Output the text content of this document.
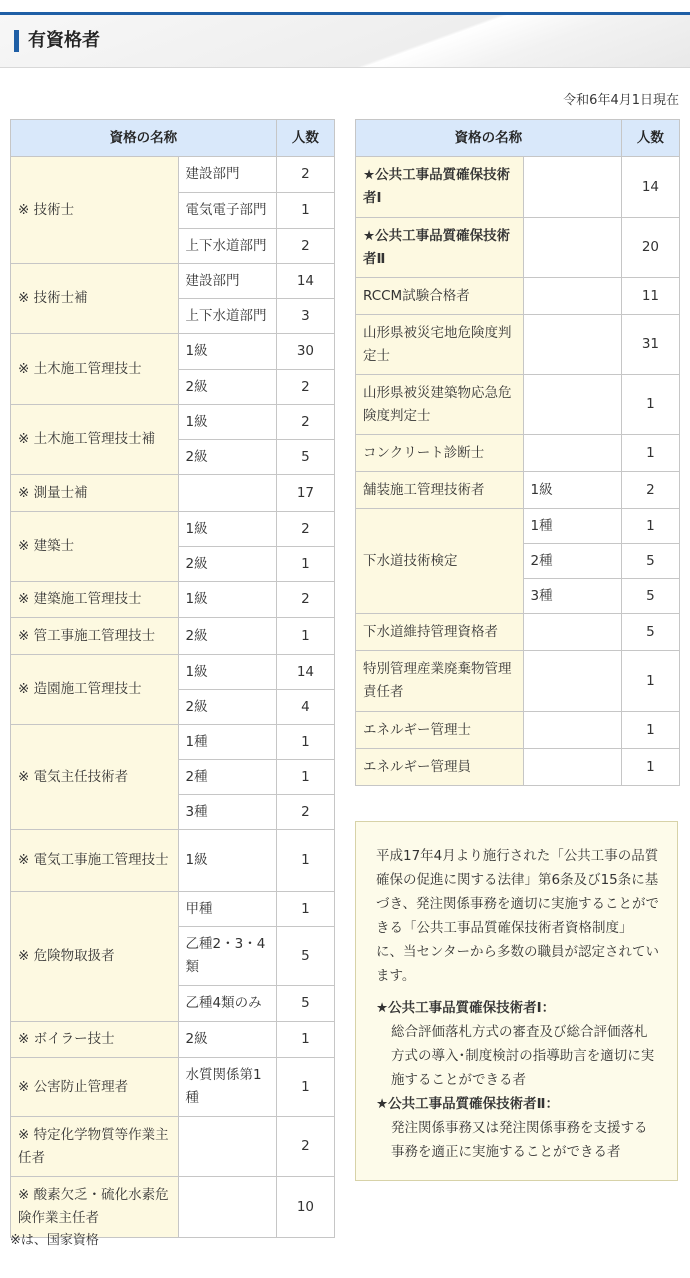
有資格者
令和6年4月1日現在
資格の名称		人数
※ 技術士	建設部門	2
	電気電子部門	1
	上下水道部門	2
※ 技術士補	建設部門	14
	上下水道部門	3
※ 土木施工管理技士	1級	30
	2級	2
※ 土木施工管理技士補	1級	2
	2級	5
※ 測量士補		17
※ 建築士	1級	2
	2級	1
※ 建築施工管理技士	1級	2
※ 管工事施工管理技士	2級	1
※ 造園施工管理技士	1級	14
	2級	4
※ 電気主任技術者	1種	1
	2種	1
	3種	2
※ 電気工事施工管理技士	1級	1
※ 危険物取扱者	甲種	1
	乙種2・3・4類	5
	乙種4類のみ	5
※ ボイラー技士	2級	1
※ 公害防止管理者	水質関係第1種	1
※ 特定化学物質等作業主任者		2
※ 酸素欠乏・硫化水素危険作業主任者		10
資格の名称		人数
★公共工事品質確保技術者Ⅰ		14
★公共工事品質確保技術者Ⅱ		20
RCCM試験合格者		11
山形県被災宅地危険度判定士		31
山形県被災建築物応急危険度判定士		1
コンクリート診断士		1
舗装施工管理技術者	1級	2
下水道技術検定	1種	1
	2種	5
	3種	5
下水道維持管理資格者		5
特別管理産業廃棄物管理責任者		1
エネルギー管理士		1
エネルギー管理員		1
※は、国家資格

平成17年4月より施行された「公共工事の品質確保の促進に関する法律」第6条及び15条に基づき、発注関係事務を適切に実施することができる「公共工事品質確保技術者資格制度」に、当センターから多数の職員が認定されています。

★公共工事品質確保技術者Ⅰ：
総合評価落札方式の審査及び総合評価落札方式の導入･制度検討の指導助言を適切に実施することができる者
★公共工事品質確保技術者Ⅱ：
発注関係事務又は発注関係事務を支援する事務を適正に実施することができる者
